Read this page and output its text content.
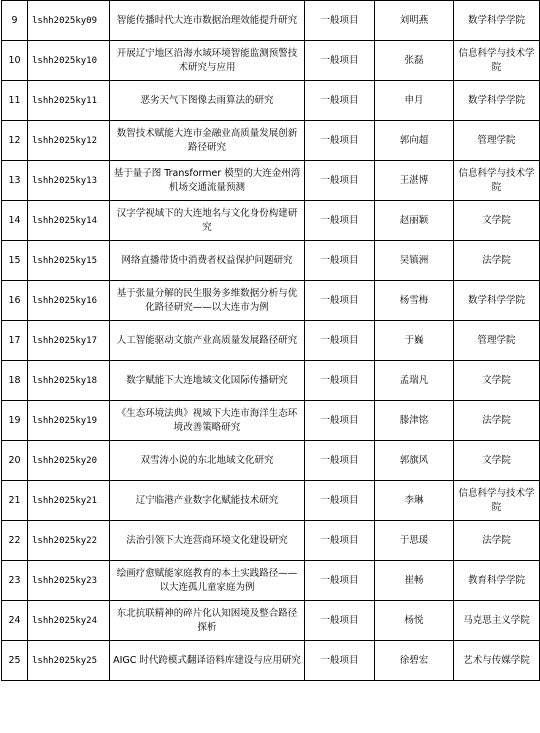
9	lshh2025ky09	智能传播时代大连市数据治理效能提升研究	一般项目	刘明燕	数学科学学院
10	lshh2025ky10	开展辽宁地区沿海水域环境智能监测预警技术研究与应用	一般项目	张磊	信息科学与技术学院
11	lshh2025ky11	恶劣天气下图像去雨算法的研究	一般项目	申月	数学科学学院
12	lshh2025ky12	数智技术赋能大连市金融业高质量发展创新路径研究	一般项目	郭向超	管理学院
13	lshh2025ky13	基于量子图 Transformer 模型的大连金州湾机场交通流量预测	一般项目	王湛博	信息科学与技术学院
14	lshh2025ky14	汉字学视域下的大连地名与文化身份构建研究	一般项目	赵丽颖	文学院
15	lshh2025ky15	网络直播带货中消费者权益保护问题研究	一般项目	吴镇洲	法学院
16	lshh2025ky16	基于张量分解的民生服务多维数据分析与优化路径研究——以大连市为例	一般项目	杨雪梅	数学科学学院
17	lshh2025ky17	人工智能驱动文旅产业高质量发展路径研究	一般项目	于巍	管理学院
18	lshh2025ky18	数字赋能下大连地域文化国际传播研究	一般项目	孟瑞凡	文学院
19	lshh2025ky19	《生态环境法典》视域下大连市海洋生态环境改善策略研究	一般项目	滕津铭	法学院
20	lshh2025ky20	双雪涛小说的东北地域文化研究	一般项目	郭旗风	文学院
21	lshh2025ky21	辽宁临港产业数字化赋能技术研究	一般项目	李琳	信息科学与技术学院
22	lshh2025ky22	法治引领下大连营商环境文化建设研究	一般项目	于思瑗	法学院
23	lshh2025ky23	绘画疗愈赋能家庭教育的本土实践路径——以大连孤儿童家庭为例	一般项目	崔畅	教育科学学院
24	lshh2025ky24	东北抗联精神的碎片化认知困境及整合路径探析	一般项目	杨悦	马克思主义学院
25	lshh2025ky25	AIGC 时代跨模式翻译语料库建设与应用研究	一般项目	徐碧宏	艺术与传媒学院
